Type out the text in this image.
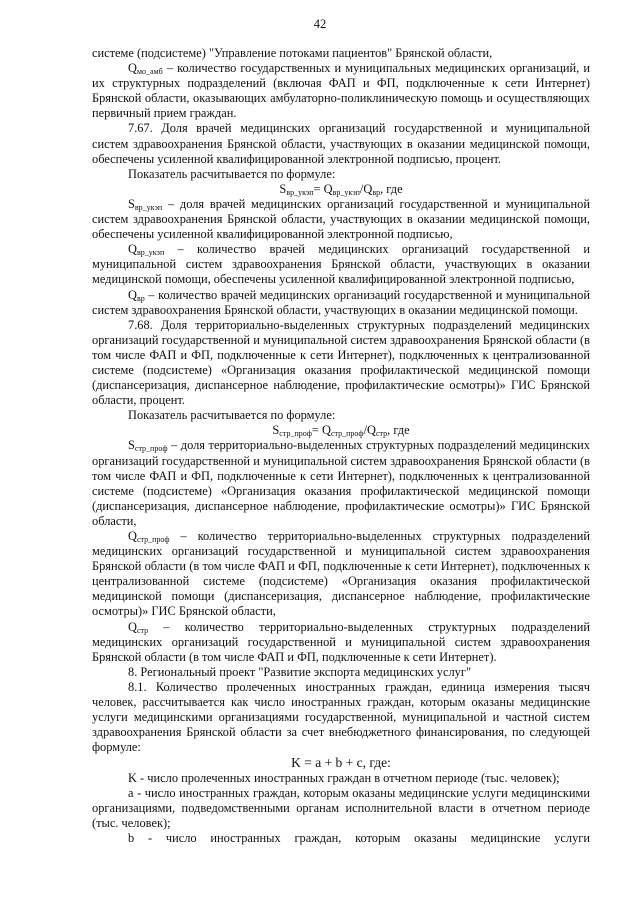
42

системе (подсистеме) "Управление потоками пациентов" Брянской области,

$Q_{мо\_амб}$ – количество государственных и муниципальных медицинских организаций, и их структурных подразделений (включая ФАП и ФП, подключенные к сети Интернет) Брянской области, оказывающих амбулаторно-поликлиническую помощь и осуществляющих первичный прием граждан.

7.67. Доля врачей медицинских организаций государственной и муниципальной систем здравоохранения Брянской области, участвующих в оказании медицинской помощи, обеспечены усиленной квалифицированной электронной подписью, процент.

Показатель расчитывается по формуле:

$S_{вр\_укэп}= Q_{вр\_укэп}/Q_{вр}$, где

$S_{вр\_укэп}$ – доля врачей медицинских организаций государственной и муниципальной систем здравоохранения Брянской области, участвующих в оказании медицинской помощи, обеспечены усиленной квалифицированной электронной подписью,

$Q_{вр\_укэп}$ – количество врачей медицинских организаций государственной и муниципальной систем здравоохранения Брянской области, участвующих в оказании медицинской помощи, обеспечены усиленной квалифицированной электронной подписью,

$Q_{вр}$ – количество врачей медицинских организаций государственной и муниципальной систем здравоохранения Брянской области, участвующих в оказании медицинской помощи.

7.68. Доля территориально-выделенных структурных подразделений медицинских организаций государственной и муниципальной систем здравоохранения Брянской области (в том числе ФАП и ФП, подключенные к сети Интернет), подключенных к централизованной системе (подсистеме) «Организация оказания профилактической медицинской помощи (диспансеризация, диспансерное наблюдение, профилактические осмотры)» ГИС Брянской области, процент.

Показатель расчитывается по формуле:

$S_{стр\_проф}= Q_{стр\_проф}/Q_{стр}$, где

$S_{стр\_проф}$ – доля территориально-выделенных структурных подразделений медицинских организаций государственной и муниципальной систем здравоохранения Брянской области (в том числе ФАП и ФП, подключенные к сети Интернет), подключенных к централизованной системе (подсистеме) «Организация оказания профилактической медицинской помощи (диспансеризация, диспансерное наблюдение, профилактические осмотры)» ГИС Брянской области,

$Q_{стр\_проф}$ – количество территориально-выделенных структурных подразделений медицинских организаций государственной и муниципальной систем здравоохранения Брянской области (в том числе ФАП и ФП, подключенные к сети Интернет), подключенных к централизованной системе (подсистеме) «Организация оказания профилактической медицинской помощи (диспансеризация, диспансерное наблюдение, профилактические осмотры)» ГИС Брянской области,

$Q_{стр}$ – количество территориально-выделенных структурных подразделений медицинских организаций государственной и муниципальной систем здравоохранения Брянской области (в том числе ФАП и ФП, подключенные к сети Интернет).

8. Региональный проект "Развитие экспорта медицинских услуг"

8.1. Количество пролеченных иностранных граждан, единица измерения тысяч человек, рассчитывается как число иностранных граждан, которым оказаны медицинские услуги медицинскими организациями государственной, муниципальной и частной систем здравоохранения Брянской области за счет внебюджетного финансирования, по следующей формуле:

K = a + b + c, где:

K - число пролеченных иностранных граждан в отчетном периоде (тыс. человек);

a - число иностранных граждан, которым оказаны медицинские услуги медицинскими организациями, подведомственными органам исполнительной власти в отчетном периоде (тыс. человек);

b - число иностранных граждан, которым оказаны медицинские услуги
